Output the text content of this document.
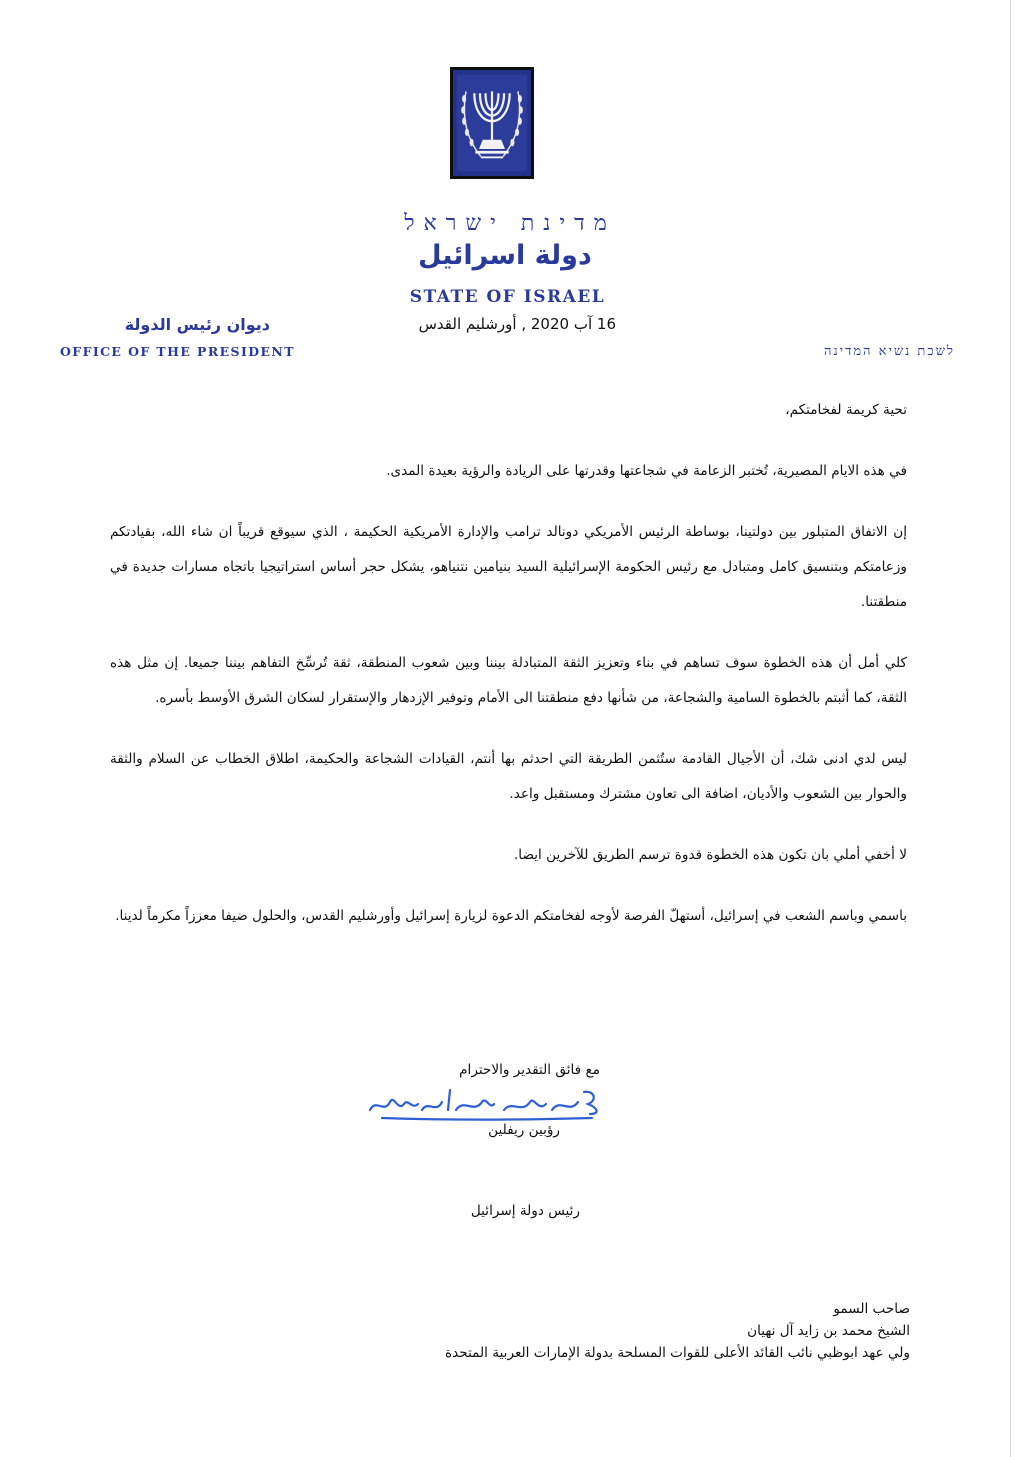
מדינת ישראל
دولة اسرائيل
STATE OF ISRAEL
16 آب 2020 , أورشليم القدس
ديوان رئيس الدولة
OFFICE OF THE PRESIDENT	לשכת נשיא המדינה

تحية كريمة لفخامتكم،

في هذه الايام المصيرية، تُختبر الزعامة في شجاعتها وقدرتها على الريادة والرؤية بعيدة المدى.

إن الاتفاق المتبلور بين دولتينا، بوساطة الرئيس الأمريكي دونالد ترامب والإدارة الأمريكية الحكيمة ، الذي سيوقع قريباً ان شاء الله، بقيادتكم وزعامتكم وبتنسيق كامل ومتبادل مع رئيس الحكومة الإسرائيلية السيد بنيامين نتنياهو، يشكل حجر أساس استراتيجيا باتجاه مسارات جديدة في منطقتنا.

كلي أمل أن هذه الخطوة سوف تساهم في بناء وتعزيز الثقة المتبادلة بيننا وبين شعوب المنطقة، ثقة تُرسِّخ التفاهم بيننا جميعا. إن مثل هذه الثقة، كما أثبتم بالخطوة السامية والشجاعة، من شأنها دفع منطقتنا الى الأمام وتوفير الإزدهار والإستقرار لسكان الشرق الأوسط بأسره.

ليس لدي ادنى شك، أن الأجيال القادمة ستُثمن الطريقة التي احدثم بها أنتم، القيادات الشجاعة والحكيمة، اطلاق الخطاب عن السلام والثقة والحوار بين الشعوب والأديان، اضافة الى تعاون مشترك ومستقبل واعد.

لا أخفي أملي بان تكون هذه الخطوة قدوة ترسم الطريق للآخرين ايضا.

باسمي وباسم الشعب في إسرائيل، أستهلّ الفرصة لأوجه لفخامتكم الدعوة لزيارة إسرائيل وأورشليم القدس، والحلول ضيفا معززاً مكرماً لدينا.

مع فائق التقدير والاحترام
رؤبين ريفلين
رئيس دولة إسرائيل
صاحب السمو
الشيخ محمد بن زايد آل نهيان
ولي عهد ابوظبي نائب القائد الأعلى للقوات المسلحة بدولة الإمارات العربية المتحدة
